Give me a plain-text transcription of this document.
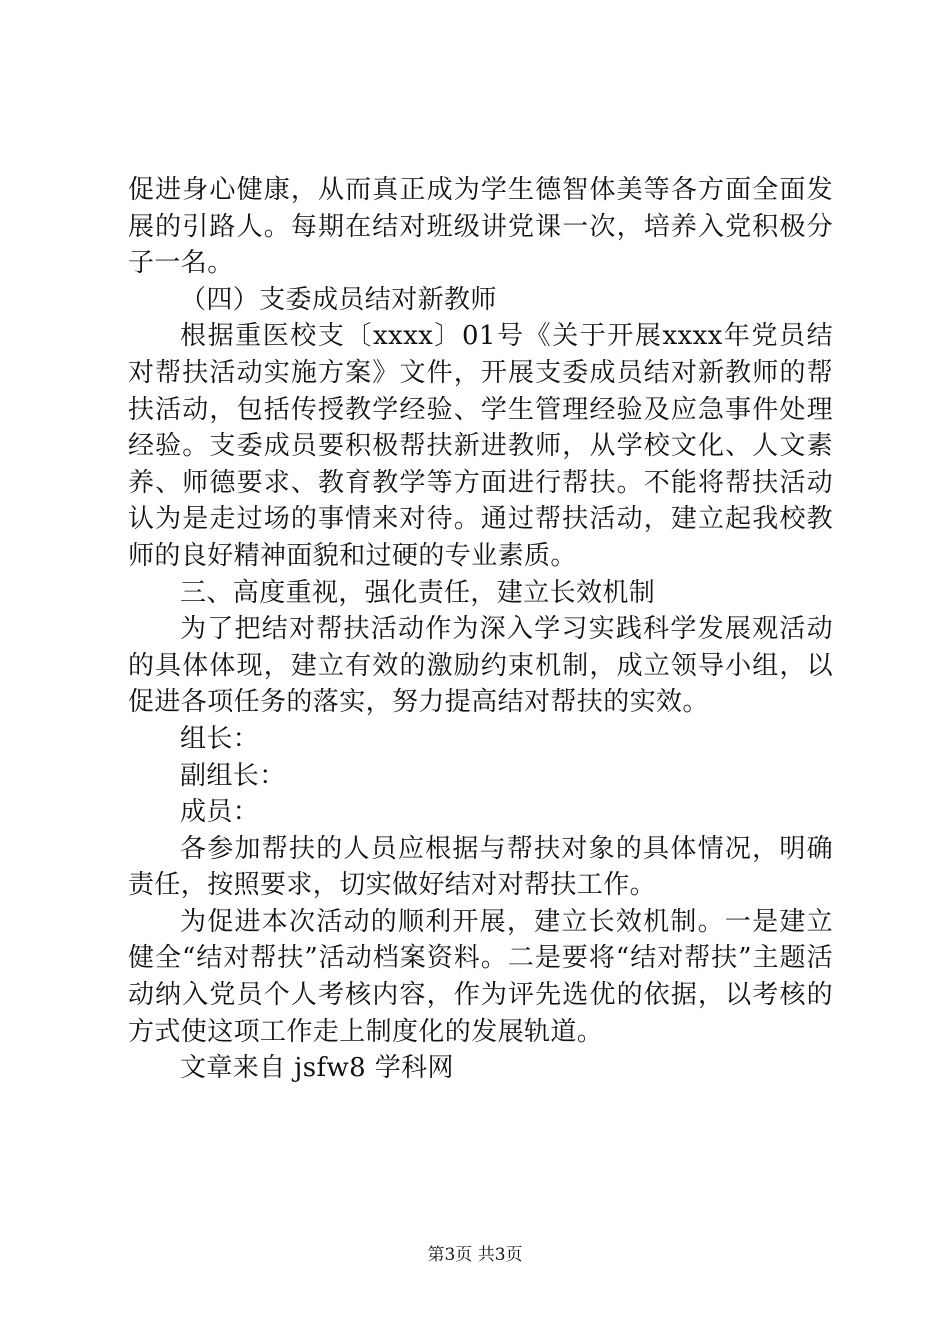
促进身心健康，从而真正成为学生德智体美等各方面全面发展的引路人。每期在结对班级讲党课一次，培养入党积极分子一名。

（四）支委成员结对新教师

根据重医校支〔xxxx〕01号《关于开展xxxx年党员结对帮扶活动实施方案》文件，开展支委成员结对新教师的帮扶活动，包括传授教学经验、学生管理经验及应急事件处理经验。支委成员要积极帮扶新进教师，从学校文化、人文素养、师德要求、教育教学等方面进行帮扶。不能将帮扶活动认为是走过场的事情来对待。通过帮扶活动，建立起我校教师的良好精神面貌和过硬的专业素质。

三、高度重视，强化责任，建立长效机制

为了把结对帮扶活动作为深入学习实践科学发展观活动的具体体现，建立有效的激励约束机制，成立领导小组，以促进各项任务的落实，努力提高结对帮扶的实效。

组长：

副组长：

成员：

各参加帮扶的人员应根据与帮扶对象的具体情况，明确责任，按照要求，切实做好结对对帮扶工作。

为促进本次活动的顺利开展，建立长效机制。一是建立健全“结对帮扶”活动档案资料。二是要将“结对帮扶”主题活动纳入党员个人考核内容，作为评先选优的依据，以考核的方式使这项工作走上制度化的发展轨道。

文章来自 jsfw8 学科网

第3页 共3页
